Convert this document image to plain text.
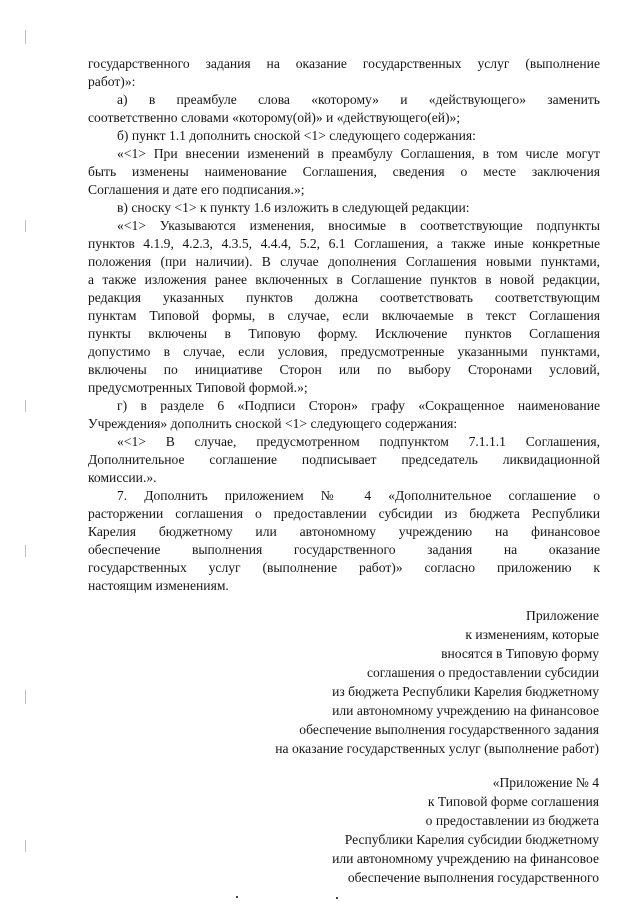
государственного задания на оказание государственных услуг (выполнение
работ)»:
а) в преамбуле слова «которому» и «действующего» заменить
соответственно словами «которому(ой)» и «действующего(ей)»;
б) пункт 1.1 дополнить сноской <1> следующего содержания:
«<1> При внесении изменений в преамбулу Соглашения, в том числе могут
быть изменены наименование Соглашения, сведения о месте заключения
Соглашения и дате его подписания.»;
в) сноску <1> к пункту 1.6 изложить в следующей редакции:
«<1> Указываются изменения, вносимые в соответствующие подпункты
пунктов 4.1.9, 4.2.3, 4.3.5, 4.4.4, 5.2, 6.1 Соглашения, а также иные конкретные
положения (при наличии). В случае дополнения Соглашения новыми пунктами,
а также изложения ранее включенных в Соглашение пунктов в новой редакции,
редакция указанных пунктов должна соответствовать соответствующим
пунктам Типовой формы, в случае, если включаемые в текст Соглашения
пункты включены в Типовую форму. Исключение пунктов Соглашения
допустимо в случае, если условия, предусмотренные указанными пунктами,
включены по инициативе Сторон или по выбору Сторонами условий,
предусмотренных Типовой формой.»;
г) в разделе 6 «Подписи Сторон» графу «Сокращенное наименование
Учреждения» дополнить сноской <1> следующего содержания:
«<1> В случае, предусмотренном подпунктом 7.1.1.1 Соглашения,
Дополнительное соглашение подписывает председатель ликвидационной
комиссии.».
7. Дополнить приложением № 4 «Дополнительное соглашение о
расторжении соглашения о предоставлении субсидии из бюджета Республики
Карелия бюджетному или автономному учреждению на финансовое
обеспечение выполнения государственного задания на оказание
государственных услуг (выполнение работ)» согласно приложению к
настоящим изменениям.
Приложение
к изменениям, которые
вносятся в Типовую форму
соглашения о предоставлении субсидии
из бюджета Республики Карелия бюджетному
или автономному учреждению на финансовое
обеспечение выполнения государственного задания
на оказание государственных услуг (выполнение работ)
«Приложение № 4
к Типовой форме соглашения
о предоставлении из бюджета
Республики Карелия субсидии бюджетному
или автономному учреждению на финансовое
обеспечение выполнения государственного
